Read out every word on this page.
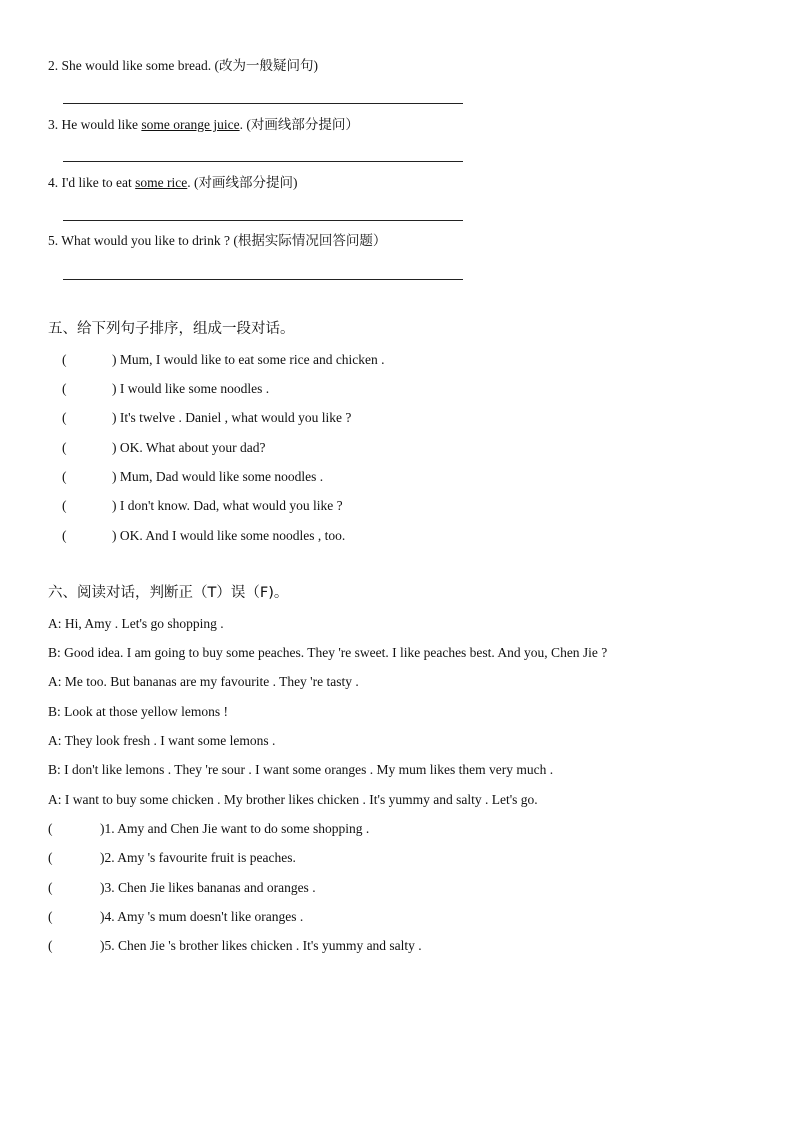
2. She would like some bread. (改为一般疑问句)
3. He would like some orange juice. (对画线部分提问）
4. I'd like to eat some rice. (对画线部分提问)
5. What would you like to drink ? (根据实际情况回答问题）
五、给下列句子排序，组成一段对话。
(	) Mum, I would like to eat some rice and chicken .
(	) I would like some noodles .
(	) It's twelve . Daniel , what would you like ?
(	) OK. What about your dad?
(	) Mum, Dad would like some noodles .
(	) I don't know. Dad, what would you like ?
(	) OK. And I would like some noodles , too.
六、阅读对话，判断正（T）误（F)。
A: Hi, Amy . Let's go shopping .
B: Good idea. I am going to buy some peaches. They 're sweet. I like peaches best. And you, Chen Jie ?
A: Me too. But bananas are my favourite . They 're tasty .
B: Look at those yellow lemons !
A: They look fresh . I want some lemons .
B: I don't like lemons . They 're sour . I want some oranges . My mum likes them very much .
A: I want to buy some chicken . My brother likes chicken . It's yummy and salty . Let's go.
(	)1. Amy and Chen Jie want to do some shopping .
(	)2. Amy 's favourite fruit is peaches.
(	)3. Chen Jie likes bananas and oranges .
(	)4. Amy 's mum doesn't like oranges .
(	)5. Chen Jie 's brother likes chicken . It's yummy and salty .
